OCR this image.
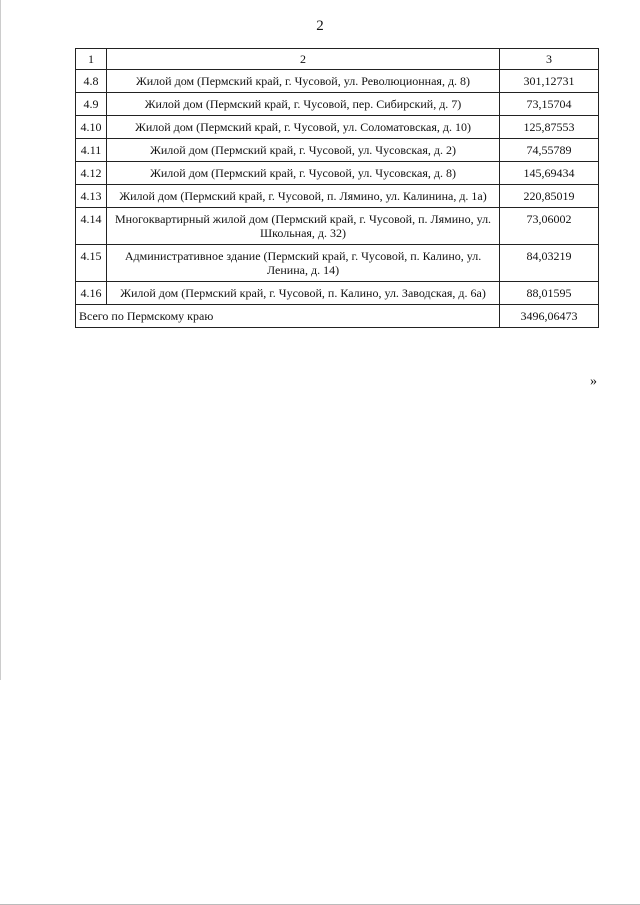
2
1	2	3
4.8	Жилой дом (Пермский край, г. Чусовой, ул. Революционная, д. 8)	301,12731
4.9	Жилой дом (Пермский край, г. Чусовой, пер. Сибирский, д. 7)	73,15704
4.10	Жилой дом (Пермский край, г. Чусовой, ул. Соломатовская, д. 10)	125,87553
4.11	Жилой дом (Пермский край, г. Чусовой, ул. Чусовская, д. 2)	74,55789
4.12	Жилой дом (Пермский край, г. Чусовой, ул. Чусовская, д. 8)	145,69434
4.13	Жилой дом (Пермский край, г. Чусовой, п. Лямино, ул. Калинина, д. 1а)	220,85019
4.14	Многоквартирный жилой дом (Пермский край, г. Чусовой, п. Лямино, ул. Школьная, д. 32)	73,06002
4.15	Административное здание (Пермский край, г. Чусовой, п. Калино, ул. Ленина, д. 14)	84,03219
4.16	Жилой дом (Пермский край, г. Чусовой, п. Калино, ул. Заводская, д. 6а)	88,01595
Всего по Пермскому краю		3496,06473
»
